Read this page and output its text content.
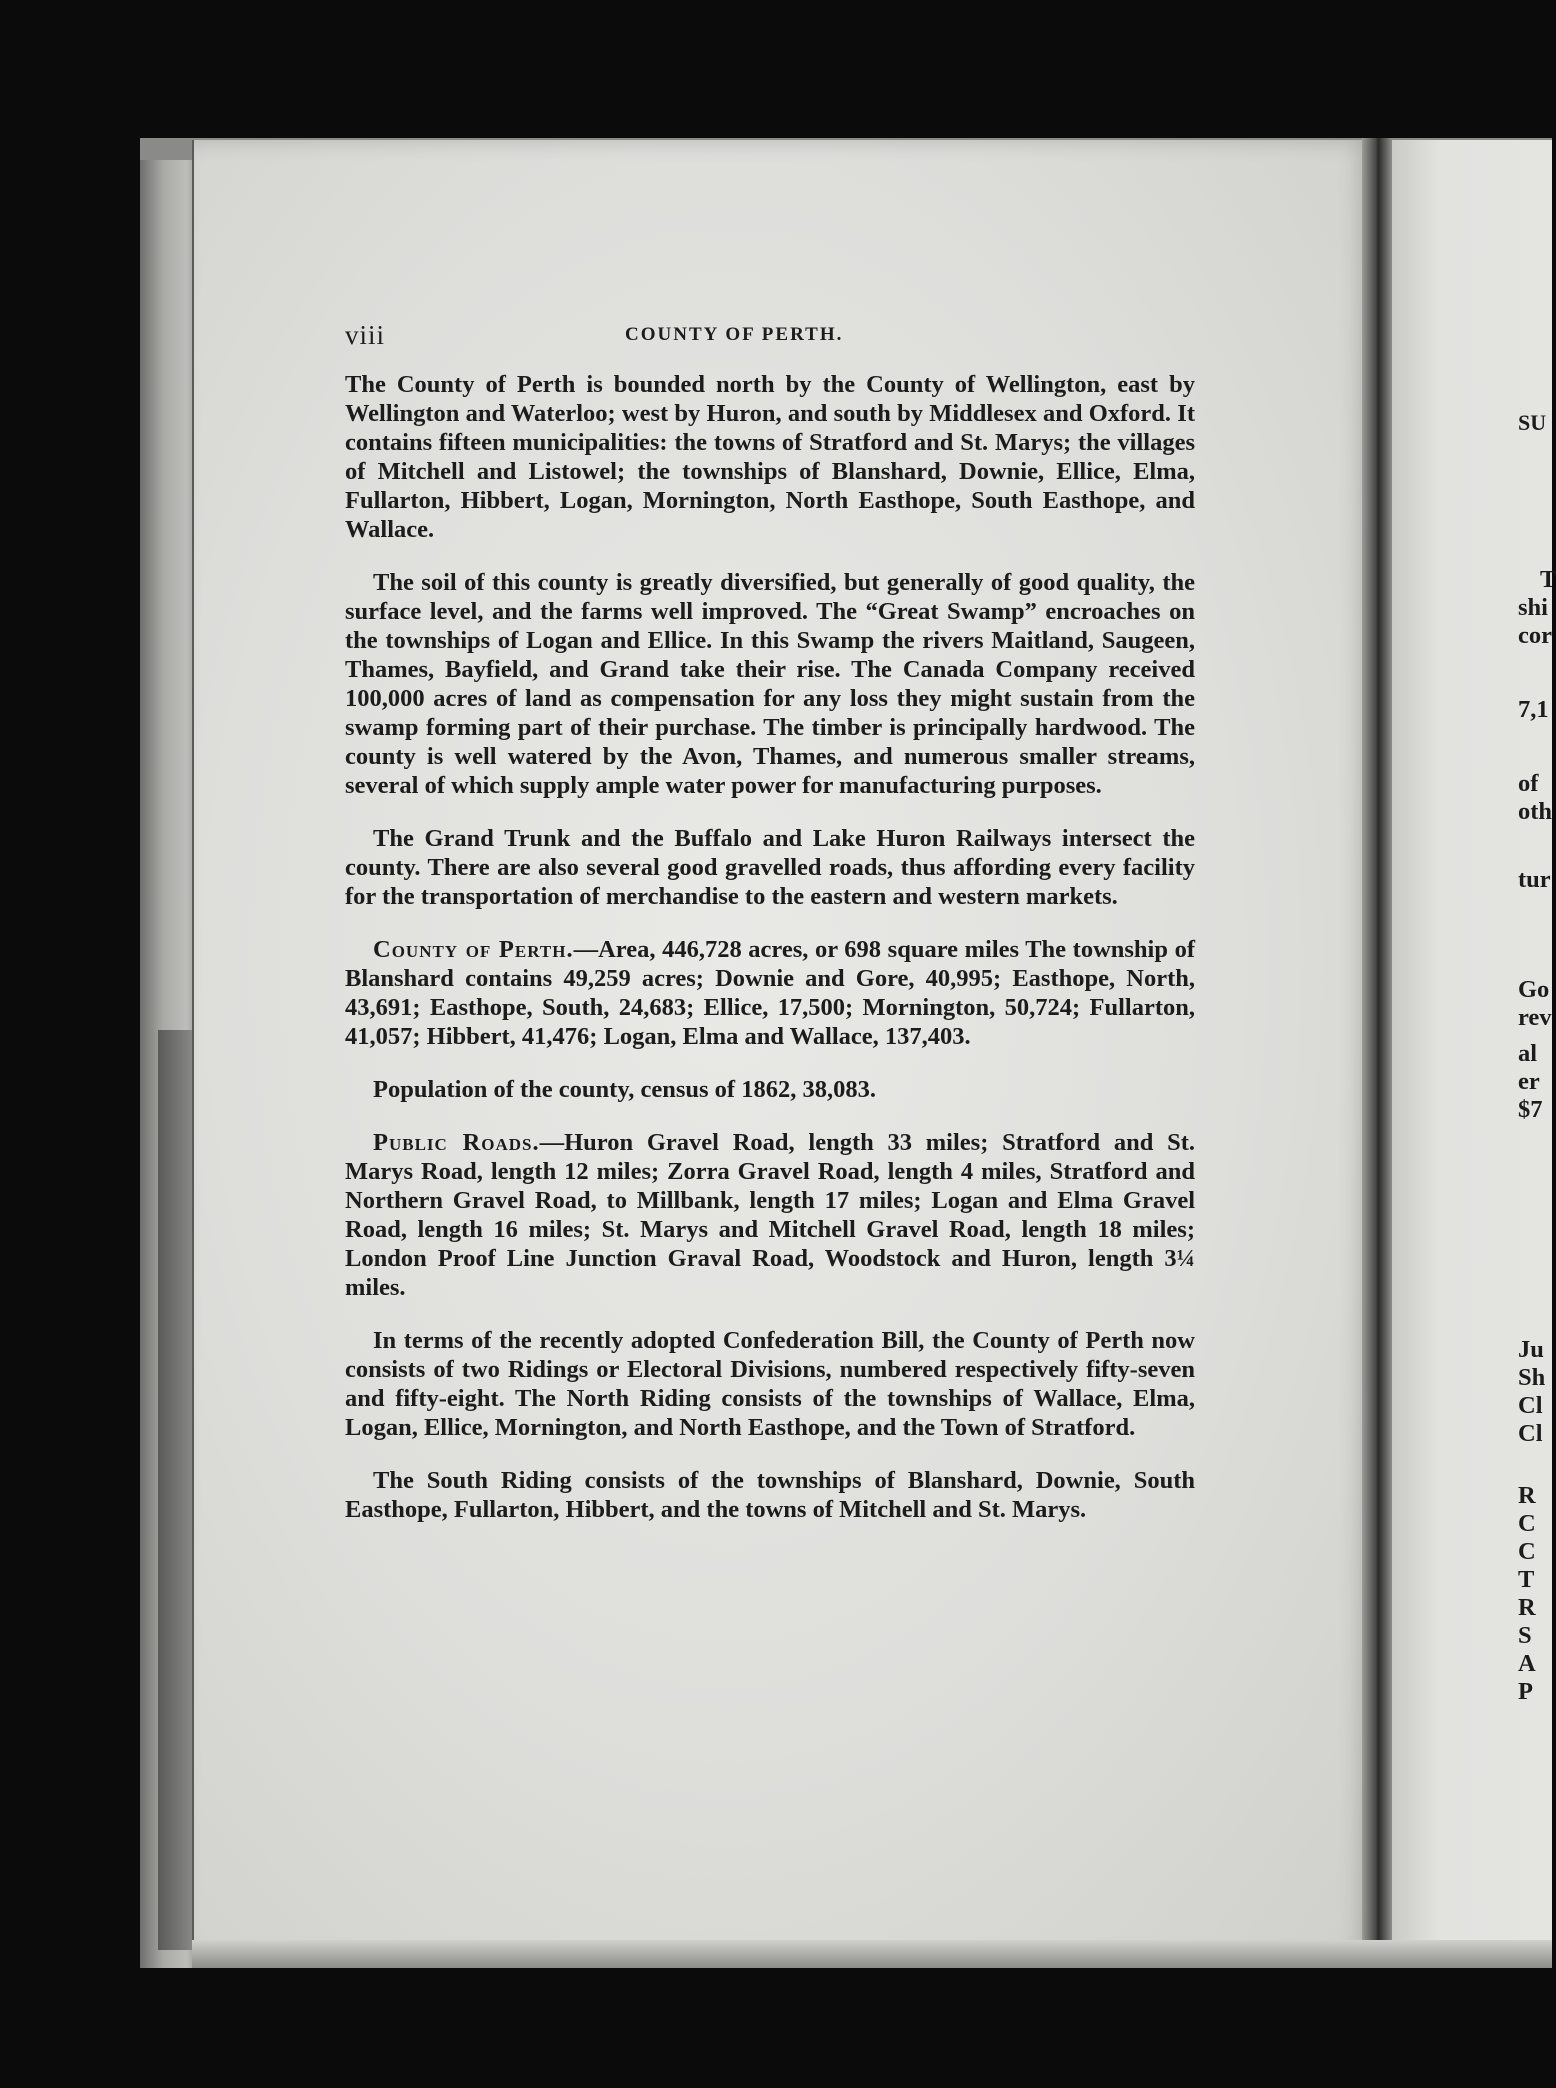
viii	COUNTY OF PERTH.

The County of Perth is bounded north by the County of Wellington, east by Wellington and Waterloo; west by Huron, and south by Middlesex and Oxford. It contains fifteen municipalities: the towns of Stratford and St. Marys; the villages of Mitchell and Listowel; the townships of Blanshard, Downie, Ellice, Elma, Fullarton, Hibbert, Logan, Mornington, North Easthope, South Easthope, and Wallace.

The soil of this county is greatly diversified, but generally of good quality, the surface level, and the farms well improved. The “Great Swamp” encroaches on the townships of Logan and Ellice. In this Swamp the rivers Maitland, Saugeen, Thames, Bayfield, and Grand take their rise. The Canada Company received 100,000 acres of land as compensation for any loss they might sustain from the swamp forming part of their purchase. The timber is principally hardwood. The county is well watered by the Avon, Thames, and numerous smaller streams, several of which supply ample water power for manufacturing purposes.

The Grand Trunk and the Buffalo and Lake Huron Railways intersect the county. There are also several good gravelled roads, thus affording every facility for the transportation of merchandise to the eastern and western markets.

County of Perth.—Area, 446,728 acres, or 698 square miles The township of Blanshard contains 49,259 acres; Downie and Gore, 40,995; Easthope, North, 43,691; Easthope, South, 24,683; Ellice, 17,500; Mornington, 50,724; Fullarton, 41,057; Hibbert, 41,476; Logan, Elma and Wallace, 137,403.

Population of the county, census of 1862, 38,083.

Public Roads.—Huron Gravel Road, length 33 miles; Stratford and St. Marys Road, length 12 miles; Zorra Gravel Road, length 4 miles, Stratford and Northern Gravel Road, to Millbank, length 17 miles; Logan and Elma Gravel Road, length 16 miles; St. Marys and Mitchell Gravel Road, length 18 miles; London Proof Line Junction Graval Road, Woodstock and Huron, length 3¼ miles.

In terms of the recently adopted Confederation Bill, the County of Perth now consists of two Ridings or Electoral Divisions, numbered respectively fifty-seven and fifty-eight. The North Riding consists of the townships of Wallace, Elma, Logan, Ellice, Mornington, and North Easthope, and the Town of Stratford.

The South Riding consists of the townships of Blanshard, Downie, South Easthope, Fullarton, Hibbert, and the towns of Mitchell and St. Marys.

SU
T
shi
cor
7,1
of
oth
tur
Go
rev
al
er
$7
Ju
Sh
Cl
Cl
R
C
C
T
R
S
A
P
